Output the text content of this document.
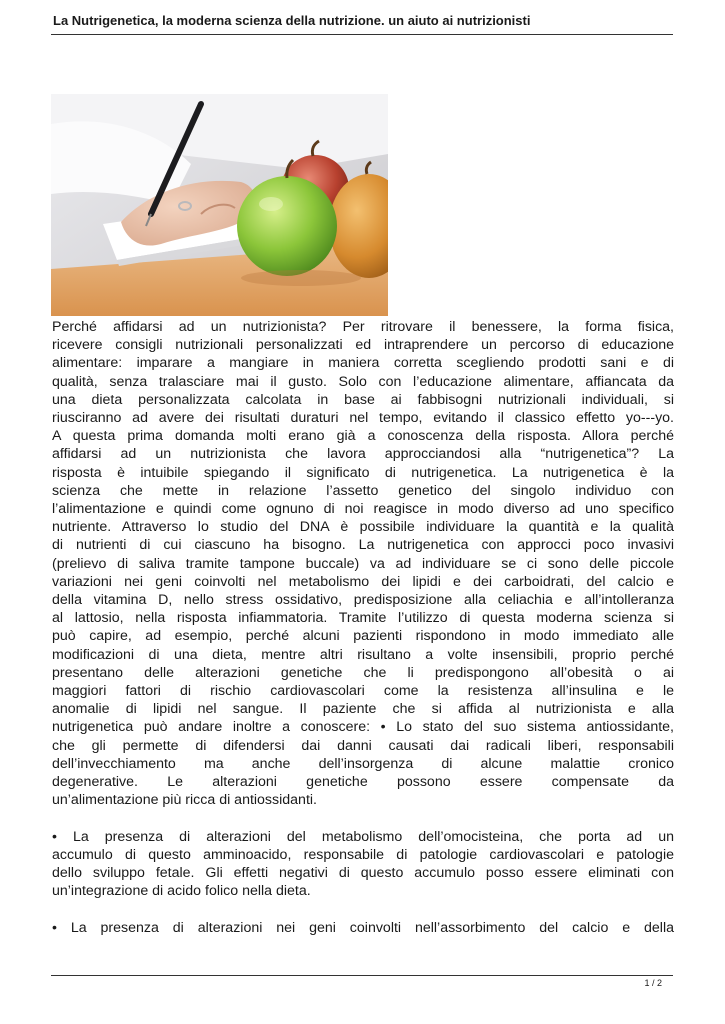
La Nutrigenetica, la moderna scienza della nutrizione. un aiuto ai nutrizionisti
Perché affidarsi ad un nutrizionista? Per ritrovare il benessere, la forma fisica,
ricevere consigli nutrizionali personalizzati ed intraprendere un percorso di educazione
alimentare: imparare a mangiare in maniera corretta scegliendo prodotti sani e di
qualità, senza tralasciare mai il gusto. Solo con l’educazione alimentare, affiancata da
una dieta personalizzata calcolata in base ai fabbisogni nutrizionali individuali, si
riusciranno ad avere dei risultati duraturi nel tempo, evitando il classico effetto yo---yo.
A questa prima domanda molti erano già a conoscenza della risposta. Allora perché
affidarsi ad un nutrizionista che lavora approcciandosi alla “nutrigenetica”? La
risposta è intuibile spiegando il significato di nutrigenetica. La nutrigenetica è la
scienza che mette in relazione l’assetto genetico del singolo individuo con
l’alimentazione e quindi come ognuno di noi reagisce in modo diverso ad uno specifico
nutriente. Attraverso lo studio del DNA è possibile individuare la quantità e la qualità
di nutrienti di cui ciascuno ha bisogno. La nutrigenetica con approcci poco invasivi
(prelievo di saliva tramite tampone buccale) va ad individuare se ci sono delle piccole
variazioni nei geni coinvolti nel metabolismo dei lipidi e dei carboidrati, del calcio e
della vitamina D, nello stress ossidativo, predisposizione alla celiachia e all’intolleranza
al lattosio, nella risposta infiammatoria. Tramite l’utilizzo di questa moderna scienza si
può capire, ad esempio, perché alcuni pazienti rispondono in modo immediato alle
modificazioni di una dieta, mentre altri risultano a volte insensibili, proprio perché
presentano delle alterazioni genetiche che li predispongono all’obesità o ai
maggiori fattori di rischio cardiovascolari come la resistenza all’insulina e le
anomalie di lipidi nel sangue. Il paziente che si affida al nutrizionista e alla
nutrigenetica può andare inoltre a conoscere: • Lo stato del suo sistema antiossidante,
che gli permette di difendersi dai danni causati dai radicali liberi, responsabili
dell’invecchiamento ma anche dell’insorgenza di alcune malattie cronico
degenerative. Le alterazioni genetiche possono essere compensate da
un’alimentazione più ricca di antiossidanti.
• La presenza di alterazioni del metabolismo dell’omocisteina, che porta ad un
accumulo di questo amminoacido, responsabile di patologie cardiovascolari e patologie
dello sviluppo fetale. Gli effetti negativi di questo accumulo posso essere eliminati con
un’integrazione di acido folico nella dieta.
• La presenza di alterazioni nei geni coinvolti nell’assorbimento del calcio e della
1 / 2
